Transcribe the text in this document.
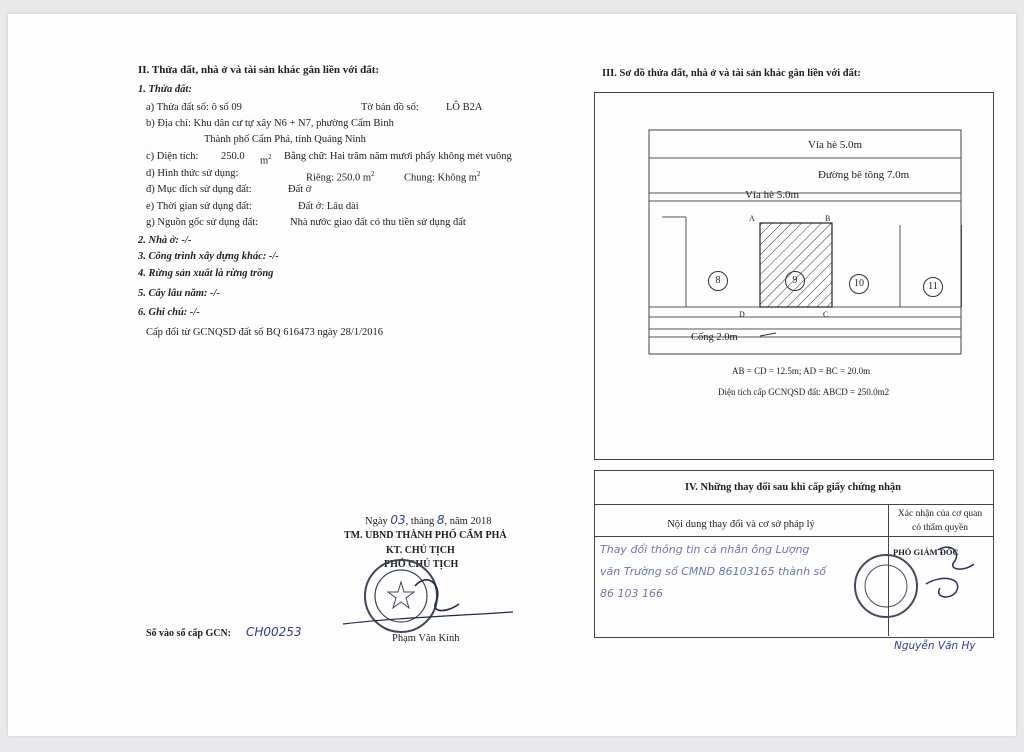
II. Thửa đất, nhà ở và tài sản khác gắn liền với đất:
1. Thửa đất:
a) Thửa đất số: ô số 09	Tờ bản đồ số:	LÔ B2A
b) Địa chỉ: Khu dân cư tự xây N6 + N7, phường Cẩm Bình
Thành phố Cẩm Phả, tỉnh Quảng Ninh
c) Diện tích: 250.0 $m^2$ Bằng chữ: Hai trăm năm mươi phẩy không mét vuông
d) Hình thức sử dụng:	Riêng: 250.0 $m^2$	Chung: Không $m^2$
đ) Mục đích sử dụng đất:	Đất ở
e) Thời gian sử dụng đất:	Đất ở: Lâu dài
g) Nguồn gốc sử dụng đất:	Nhà nước giao đất có thu tiền sử dụng đất
2. Nhà ở: -/-
3. Công trình xây dựng khác: -/-
4. Rừng sản xuất là rừng trồng
5. Cây lâu năm: -/-
6. Ghi chú: -/-
Cấp đổi từ GCNQSD đất số BQ 616473 ngày 28/1/2016
Ngày 03, tháng 8, năm 2018
TM. UBND THÀNH PHỐ CẨM PHẢ
KT. CHỦ TỊCH
PHÓ CHỦ TỊCH
Phạm Văn Kính
Số vào sổ cấp GCN: CH00253
III. Sơ đồ thửa đất, nhà ở và tài sản khác gắn liền với đất:
Vỉa hè 5.0m
Đường bê tông 7.0m
Vỉa hè 5.0m
8	9	10	11
A	B
C
D
Cống 2.0m
AB = CD = 12.5m; AD = BC = 20.0m
Diện tích cấp GCNQSD đất: ABCD = 250.0m2
IV. Những thay đổi sau khi cấp giấy chứng nhận
Nội dung thay đổi và cơ sở pháp lý
Xác nhận của cơ quan
có thẩm quyền
Thay đổi thông tin cá nhân ông Lượng
văn Trường số CMND 86103165 thành số
86 103 166
PHÓ GIÁM ĐỐC
Nguyễn Văn Hy
